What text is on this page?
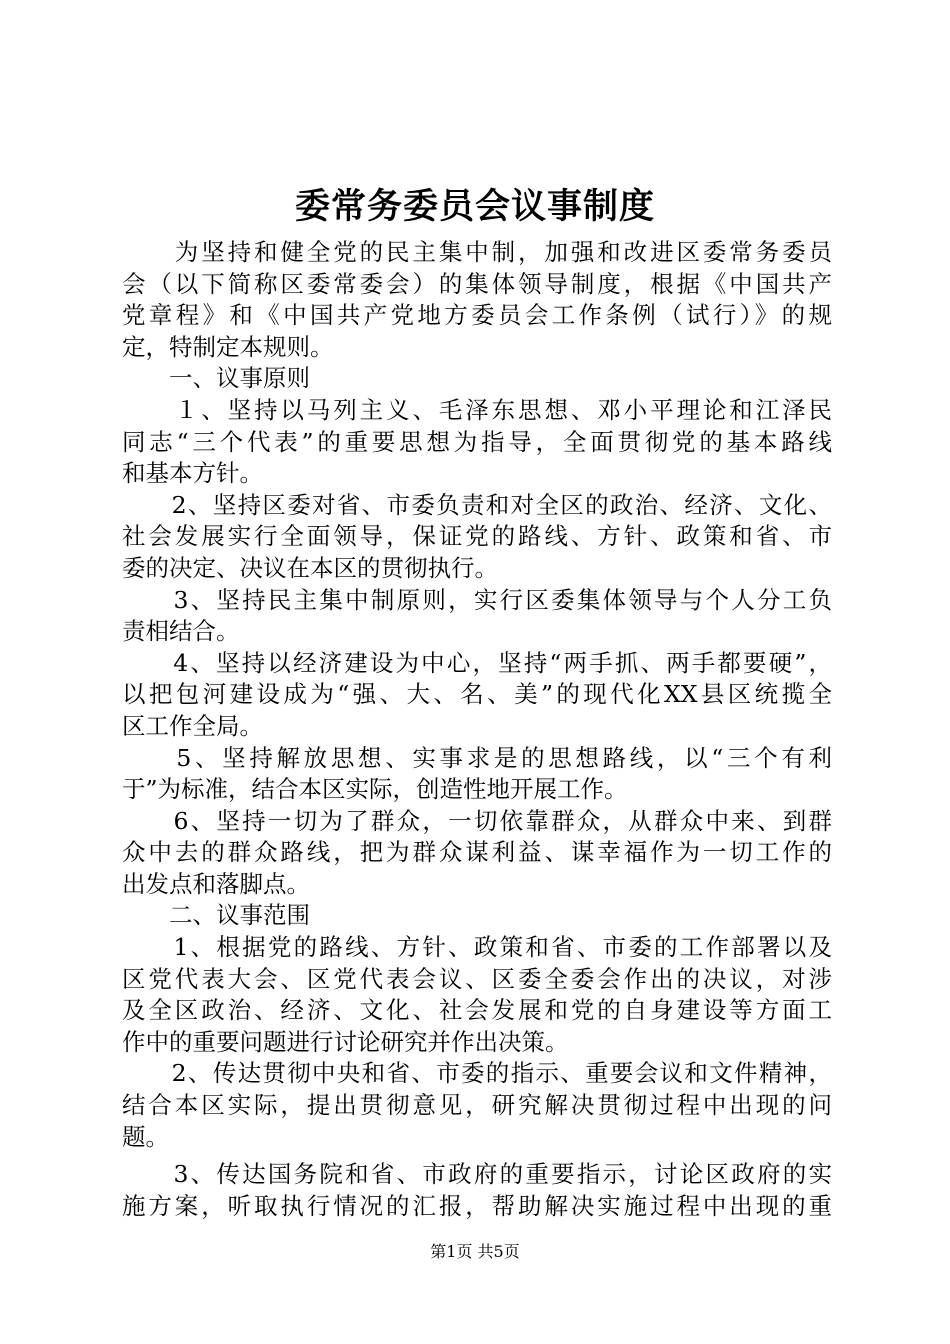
委常务委员会议事制度
　　为坚持和健全党的民主集中制，加强和改进区委常务委员
会（以下简称区委常委会）的集体领导制度，根据《中国共产
党章程》和《中国共产党地方委员会工作条例（试行）》的规
定，特制定本规则。
　　一、议事原则
　　１、坚持以马列主义、毛泽东思想、邓小平理论和江泽民
同志“三个代表”的重要思想为指导，全面贯彻党的基本路线
和基本方针。
　　2、坚持区委对省、市委负责和对全区的政治、经济、文化、
社会发展实行全面领导，保证党的路线、方针、政策和省、市
委的决定、决议在本区的贯彻执行。
　　3、坚持民主集中制原则，实行区委集体领导与个人分工负
责相结合。
　　4、坚持以经济建设为中心，坚持“两手抓、两手都要硬”，
以把包河建设成为“强、大、名、美”的现代化XX县区统揽全
区工作全局。
　　5、坚持解放思想、实事求是的思想路线，以“三个有利
于”为标准，结合本区实际，创造性地开展工作。
　　6、坚持一切为了群众，一切依靠群众，从群众中来、到群
众中去的群众路线，把为群众谋利益、谋幸福作为一切工作的
出发点和落脚点。
　　二、议事范围
　　1、根据党的路线、方针、政策和省、市委的工作部署以及
区党代表大会、区党代表会议、区委全委会作出的决议，对涉
及全区政治、经济、文化、社会发展和党的自身建设等方面工
作中的重要问题进行讨论研究并作出决策。
　　2、传达贯彻中央和省、市委的指示、重要会议和文件精神，
结合本区实际，提出贯彻意见，研究解决贯彻过程中出现的问
题。
　　3、传达国务院和省、市政府的重要指示，讨论区政府的实
施方案，听取执行情况的汇报，帮助解决实施过程中出现的重
第1页 共5页
